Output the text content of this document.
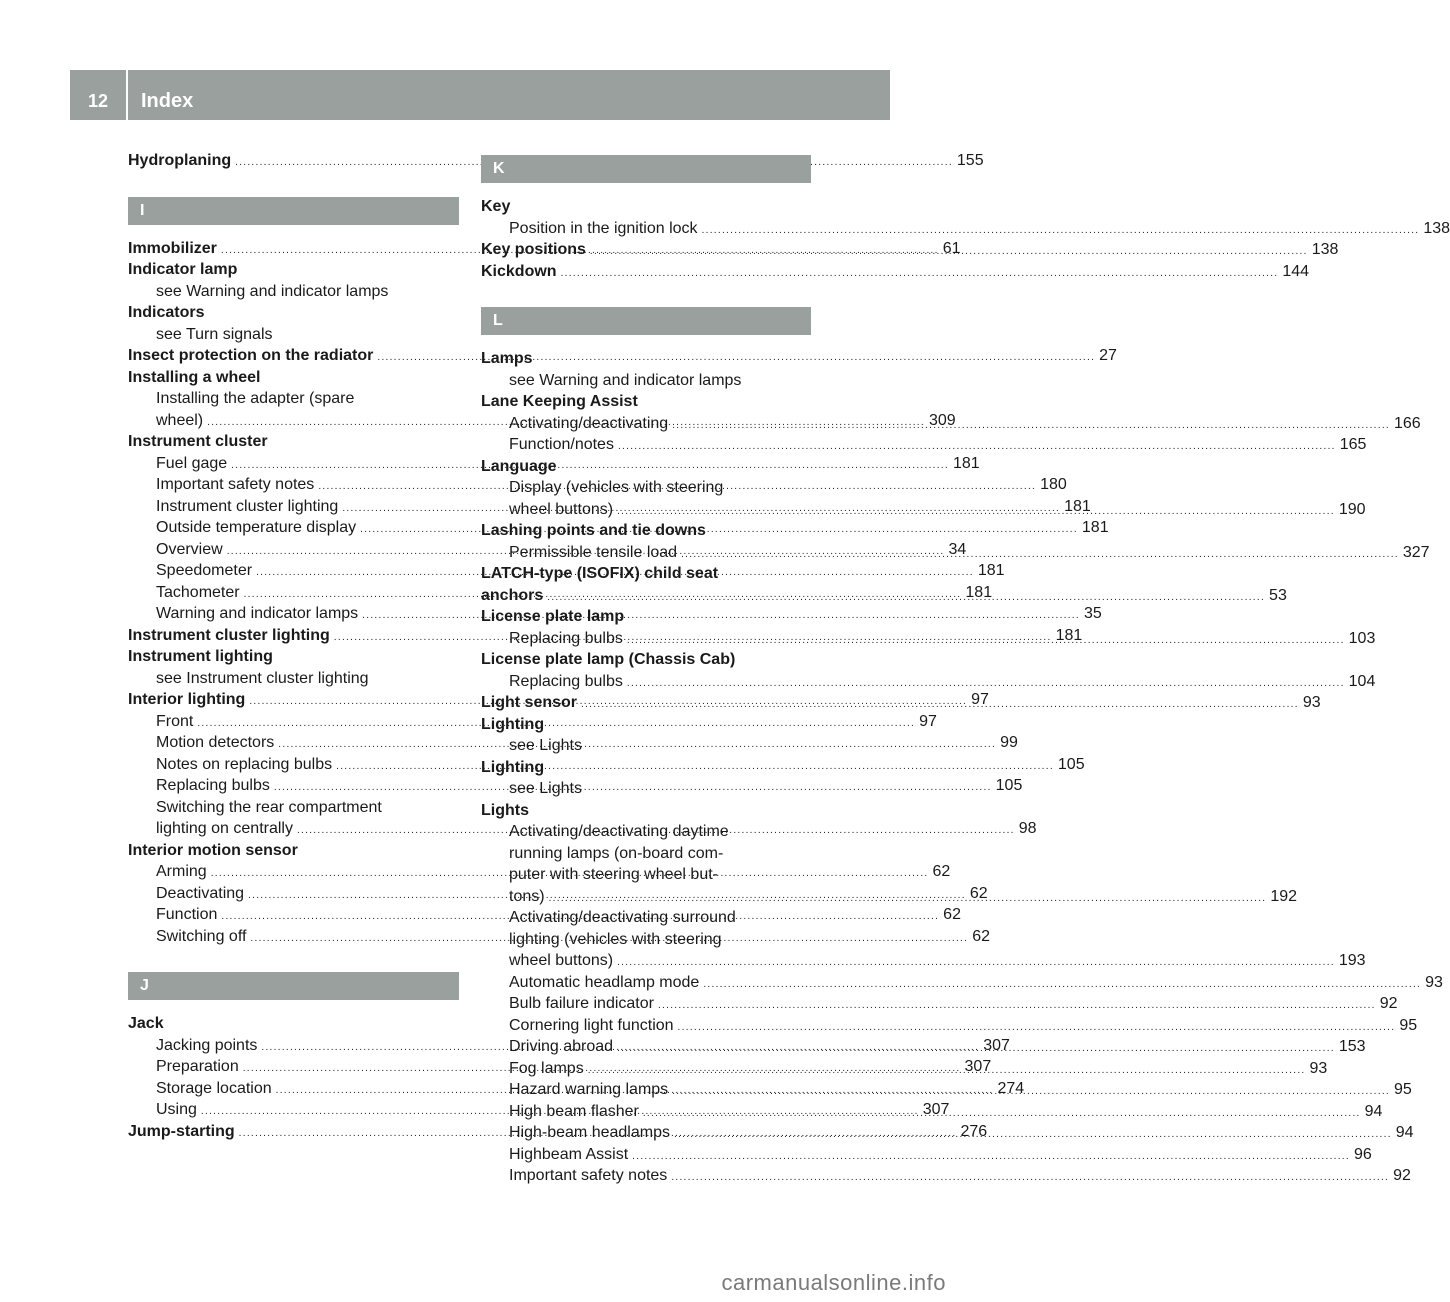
12	Index
Hydroplaning .....	155
I
Immobilizer .....	61
Indicator lamp
see Warning and indicator lamps
Indicators
see Turn signals
Insect protection on the radiator .....	27
Installing a wheel
Installing the adapter (spare
wheel) .....	309
Instrument cluster
Fuel gage .....	181
Important safety notes .....	180
Instrument cluster lighting .....	181
Outside temperature display .....	181
Overview .....	34
Speedometer .....	181
Tachometer .....	181
Warning and indicator lamps .....	35
Instrument cluster lighting .....	181
Instrument lighting
see Instrument cluster lighting
Interior lighting .....	97
Front .....	97
Motion detectors .....	99
Notes on replacing bulbs .....	105
Replacing bulbs .....	105
Switching the rear compartment
lighting on centrally .....	98
Interior motion sensor
Arming .....	62
Deactivating .....	62
Function .....	62
Switching off .....	62
J
Jack
Jacking points .....	307
Preparation .....	307
Storage location .....	274
Using .....	307
Jump-starting .....	276
K
Key
Position in the ignition lock .....	138
Key positions .....	138
Kickdown .....	144
L
Lamps
see Warning and indicator lamps
Lane Keeping Assist
Activating/deactivating .....	166
Function/notes .....	165
Language
Display (vehicles with steering
wheel buttons) .....	190
Lashing points and tie downs
Permissible tensile load .....	327
LATCH-type (ISOFIX) child seat
anchors .....	53
License plate lamp
Replacing bulbs .....	103
License plate lamp (Chassis Cab)
Replacing bulbs .....	104
Light sensor .....	93
Lighting
see Lights
Lighting
see Lights
Lights
Activating/deactivating daytime
running lamps (on-board com-
puter with steering wheel but-
tons) .....	192
Activating/deactivating surround
lighting (vehicles with steering
wheel buttons) .....	193
Automatic headlamp mode .....	93
Bulb failure indicator .....	92
Cornering light function .....	95
Driving abroad .....	153
Fog lamps .....	93
Hazard warning lamps .....	95
High beam flasher .....	94
High-beam headlamps .....	94
Highbeam Assist .....	96
Important safety notes .....	92
carmanualsonline.info
